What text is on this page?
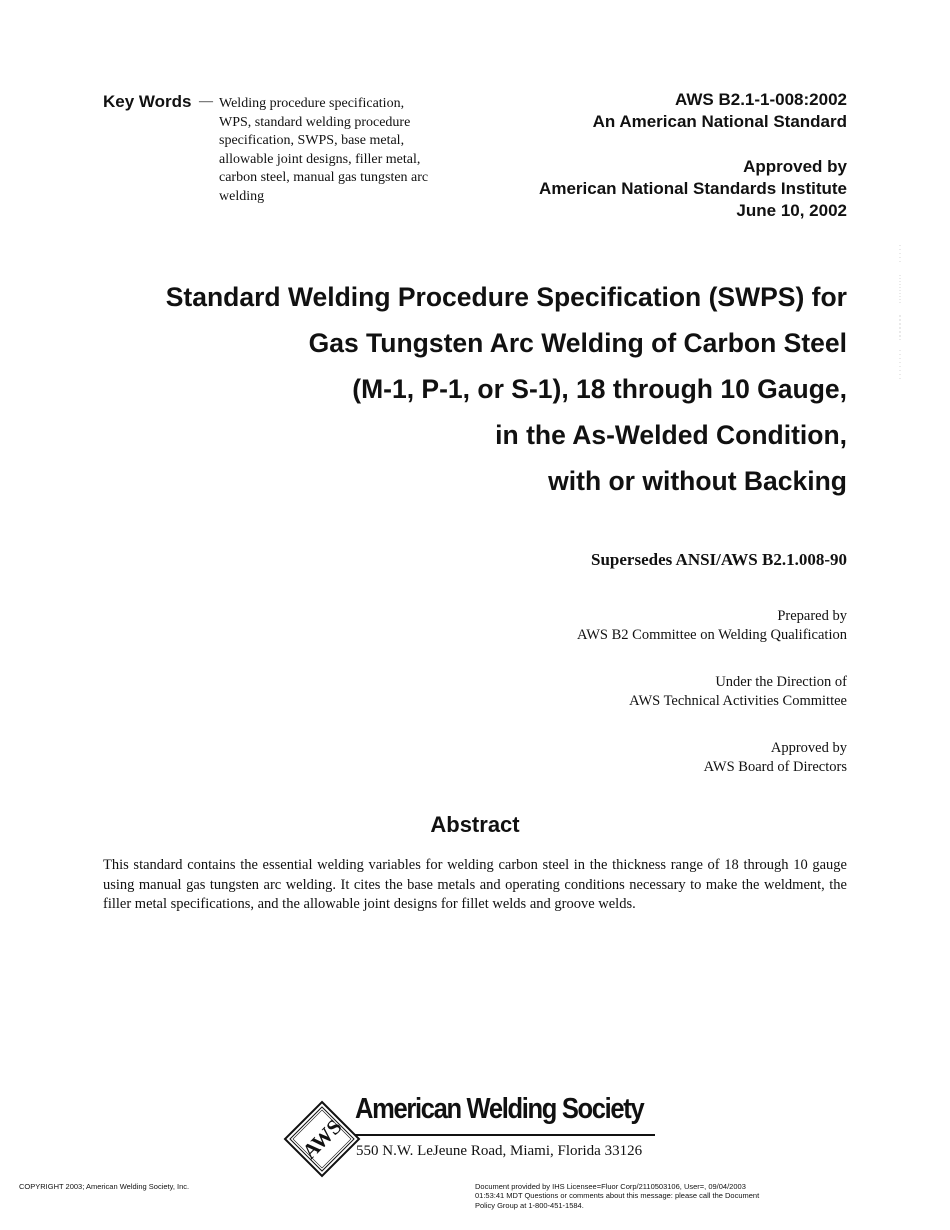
Key Words — Welding procedure specification,
WPS, standard welding procedure
specification, SWPS, base metal,
allowable joint designs, filler metal,
carbon steel, manual gas tungsten arc
welding
AWS B2.1-1-008:2002
An American National Standard
Approved by
American National Standards Institute
June 10, 2002
Standard Welding Procedure Specification (SWPS) for
Gas Tungsten Arc Welding of Carbon Steel
(M-1, P-1, or S-1), 18 through 10 Gauge,
in the As-Welded Condition,
with or without Backing
Supersedes ANSI/AWS B2.1.008-90
Prepared by
AWS B2 Committee on Welding Qualification
Under the Direction of
AWS Technical Activities Committee
Approved by
AWS Board of Directors
Abstract
This standard contains the essential welding variables for welding carbon steel in the thickness range of 18 through 10 gauge using manual gas tungsten arc welding. It cites the base metals and operating conditions necessary to make the weldment, the filler metal specifications, and the allowable joint designs for fillet welds and groove welds.
AWS
American Welding Society
550 N.W. LeJeune Road, Miami, Florida 33126
COPYRIGHT 2003; American Welding Society, Inc.	Document provided by IHS Licensee=Fluor Corp/2110503106, User=, 09/04/2003
01:53:41 MDT Questions or comments about this message: please call the Document
Policy Group at 1-800-451-1584.
